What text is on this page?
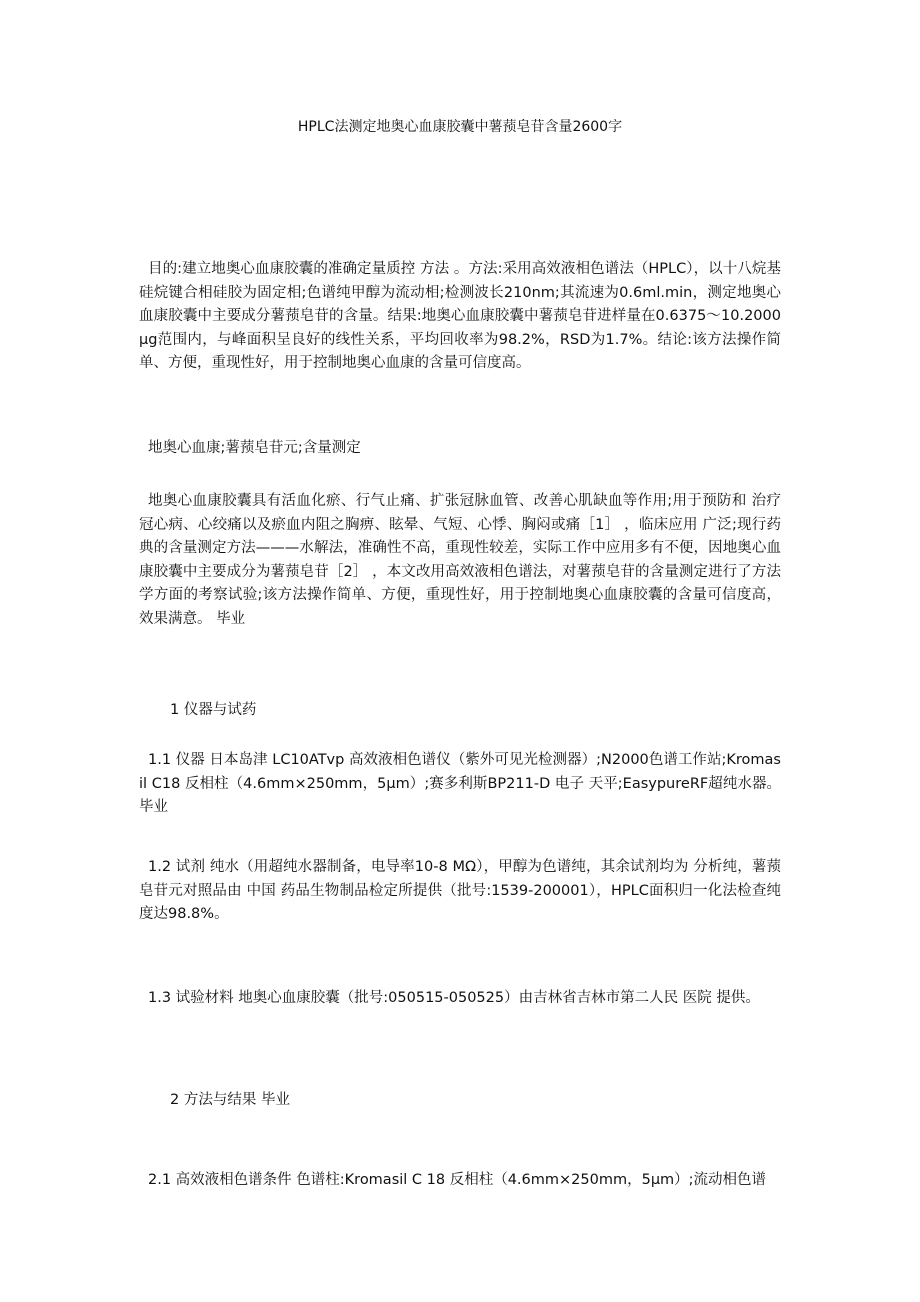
HPLC法测定地奥心血康胶囊中薯蓣皂苷含量2600字

目的:建立地奥心血康胶囊的准确定量质控 方法 。方法:采用高效液相色谱法（HPLC），以十八烷基硅烷键合相硅胶为固定相;色谱纯甲醇为流动相;检测波长210nm;其流速为0.6ml.min，测定地奥心血康胶囊中主要成分薯蓣皂苷的含量。结果:地奥心血康胶囊中薯蓣皂苷进样量在0.6375～10.2000μg范围内，与峰面积呈良好的线性关系，平均回收率为98.2%，RSD为1.7%。结论:该方法操作简单、方便，重现性好，用于控制地奥心血康的含量可信度高。

地奥心血康;薯蓣皂苷元;含量测定

地奥心血康胶囊具有活血化瘀、行气止痛、扩张冠脉血管、改善心肌缺血等作用;用于预防和 治疗 冠心病、心绞痛以及瘀血内阻之胸痹、眩晕、气短、心悸、胸闷或痛［1］ ，临床应用 广泛;现行药典的含量测定方法———水解法，准确性不高，重现性较差，实际工作中应用多有不便，因地奥心血康胶囊中主要成分为薯蓣皂苷［2］ ，本文改用高效液相色谱法，对薯蓣皂苷的含量测定进行了方法学方面的考察试验;该方法操作简单、方便，重现性好，用于控制地奥心血康胶囊的含量可信度高，效果满意。 毕业

1 仪器与试药

1.1 仪器 日本岛津 LC10ATvp 高效液相色谱仪（紫外可见光检测器）;N2000色谱工作站;Kromasil C18 反相柱（4.6mm×250mm，5μm）;赛多利斯BP211-D 电子 天平;EasypureRF超纯水器。 毕业

1.2 试剂 纯水（用超纯水器制备，电导率10-8 MΩ），甲醇为色谱纯，其余试剂均为 分析纯，薯蓣皂苷元对照品由 中国 药品生物制品检定所提供（批号:1539-200001），HPLC面积归一化法检查纯度达98.8%。

1.3 试验材料 地奥心血康胶囊（批号:050515-050525）由吉林省吉林市第二人民 医院 提供。

2 方法与结果 毕业

2.1 高效液相色谱条件 色谱柱:Kromasil C 18 反相柱（4.6mm×250mm，5μm）;流动相色谱
